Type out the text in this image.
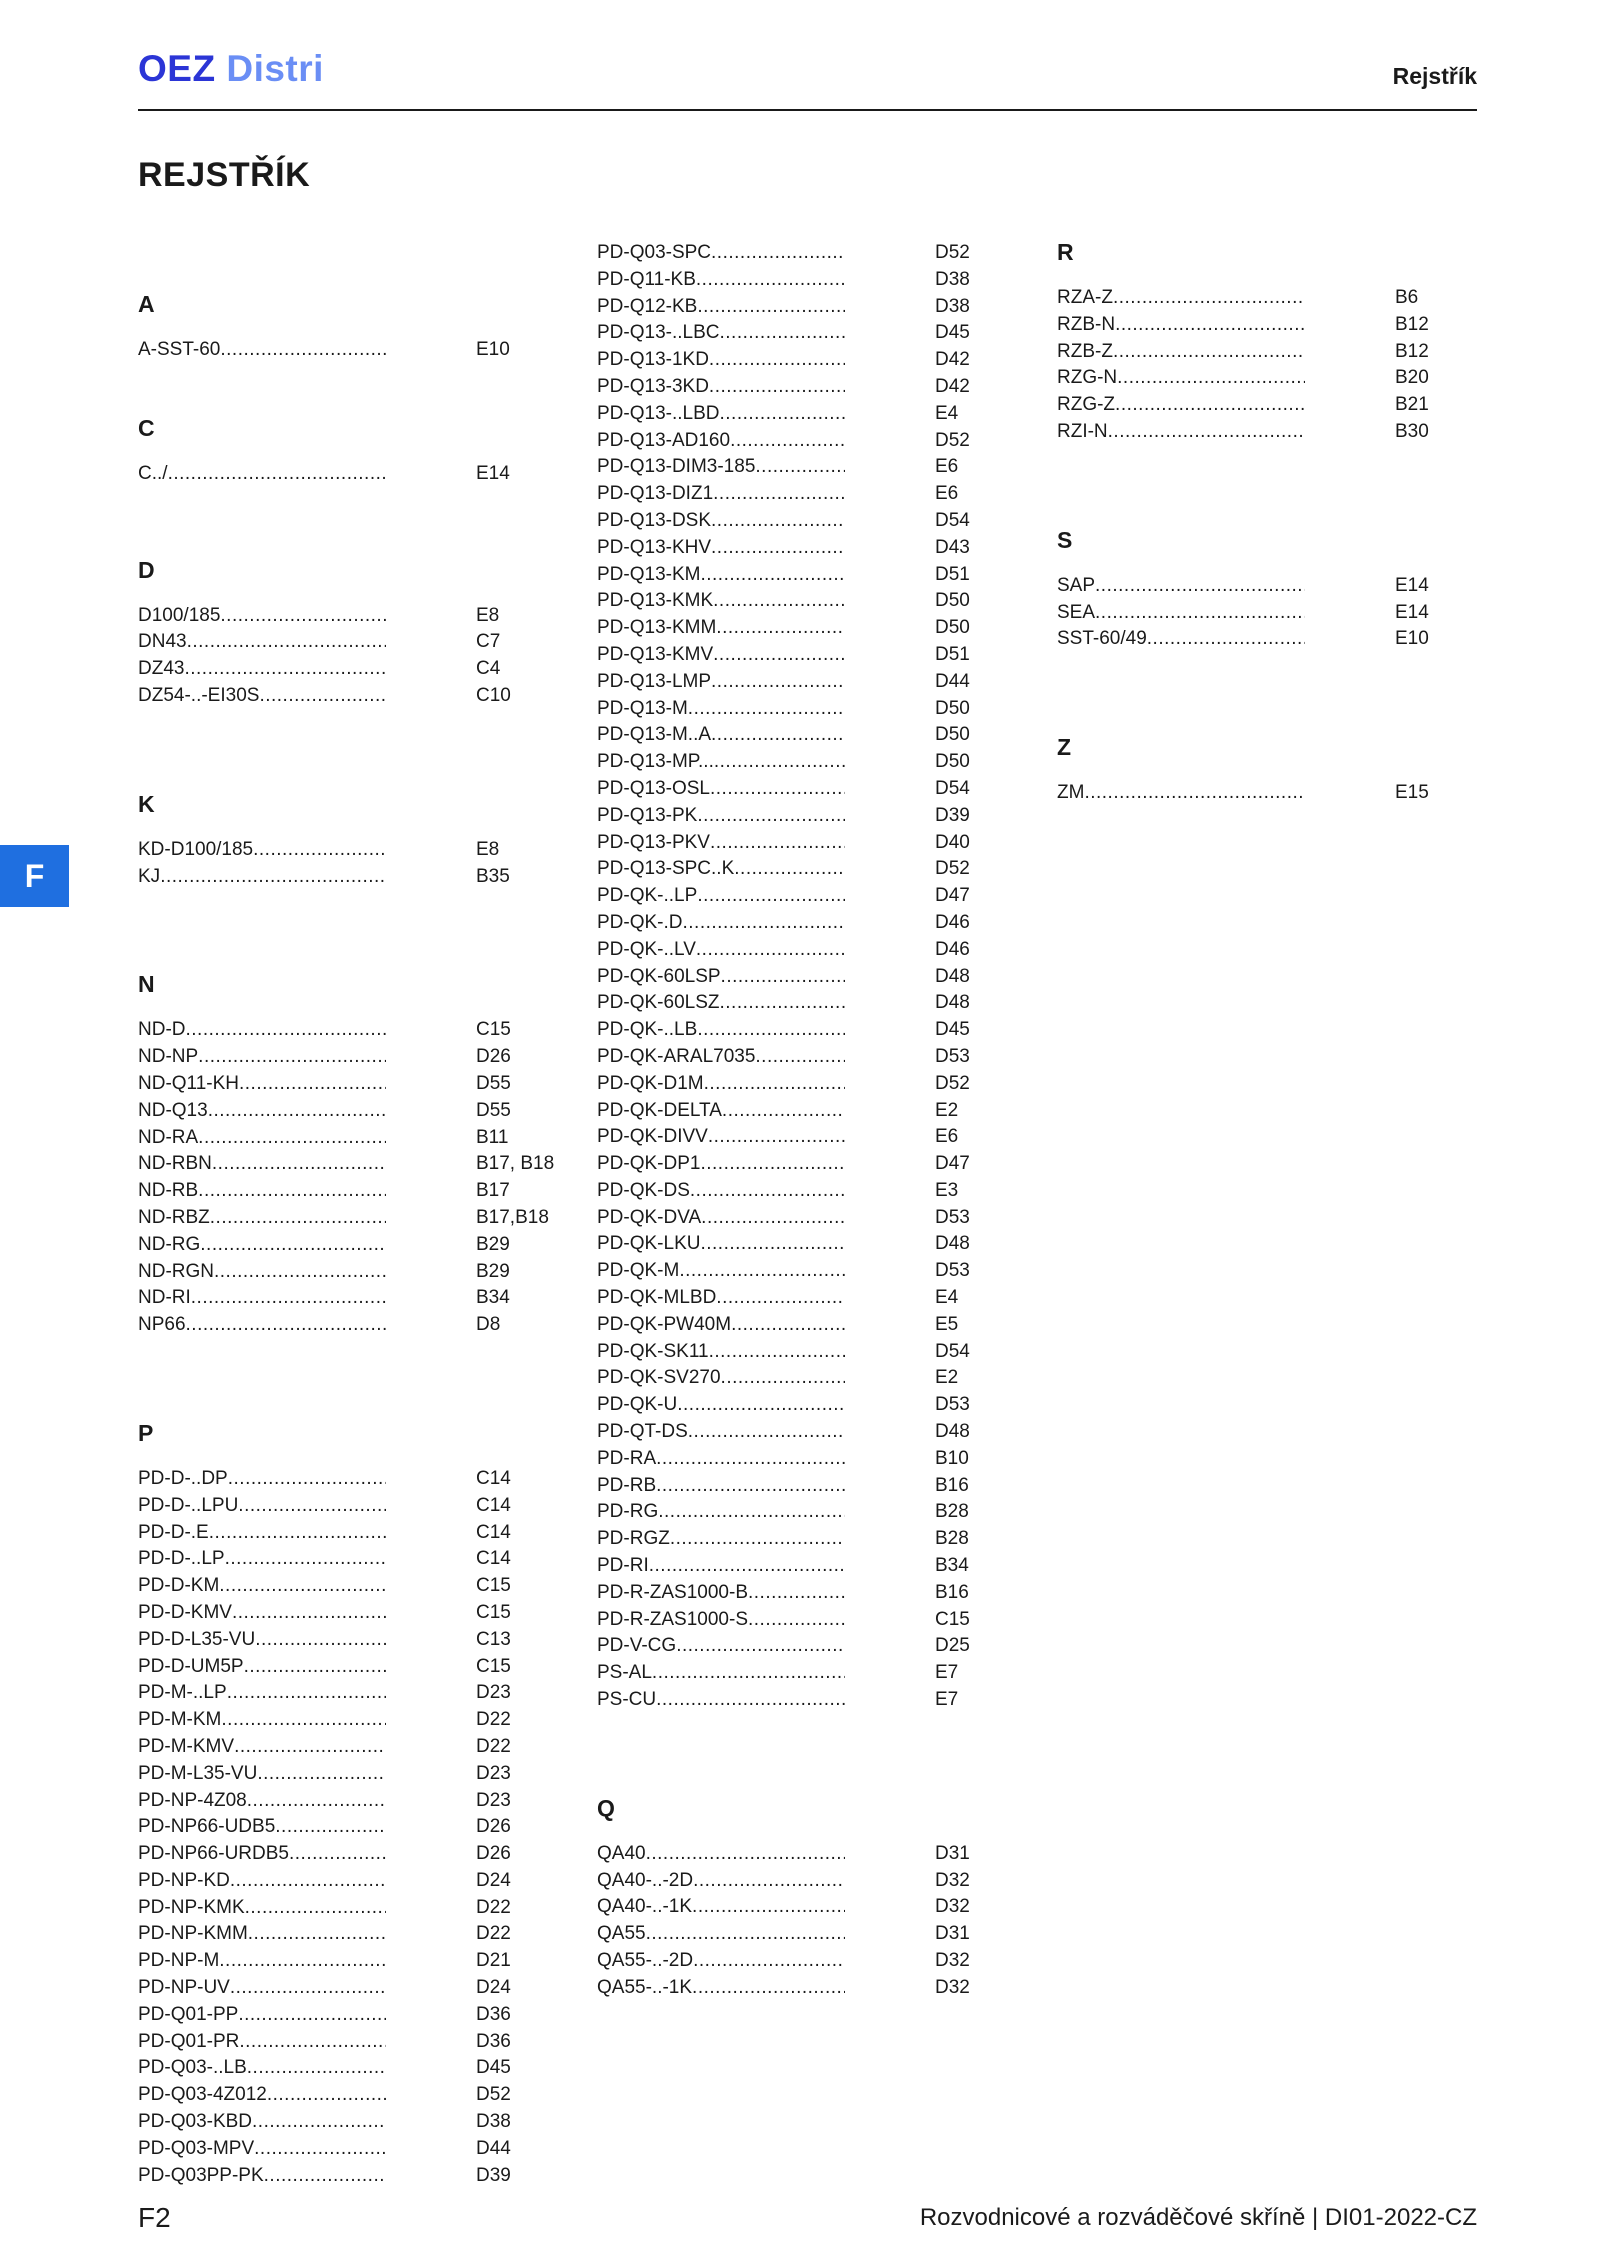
OEZ Distri	Rejstřík
REJSTŘÍK
F
A
A-SST-60 .....	E10
C
C../ .....	E14
D
D100/185 .....	E8
DN43 .....	C7
DZ43 .....	C4
DZ54-..-EI30S .....	C10
K
KD-D100/185 .....	E8
KJ .....	B35
N
ND-D .....	C15
ND-NP .....	D26
ND-Q11-KH .....	D55
ND-Q13 .....	D55
ND-RA .....	B11
ND-RBN .....	B17, B18
ND-RB .....	B17
ND-RBZ .....	B17,B18
ND-RG .....	B29
ND-RGN .....	B29
ND-RI .....	B34
NP66 .....	D8
P
PD-D-..DP .....	C14
PD-D-..LPU .....	C14
PD-D-.E .....	C14
PD-D-..LP .....	C14
PD-D-KM .....	C15
PD-D-KMV .....	C15
PD-D-L35-VU .....	C13
PD-D-UM5P .....	C15
PD-M-..LP .....	D23
PD-M-KM .....	D22
PD-M-KMV .....	D22
PD-M-L35-VU .....	D23
PD-NP-4Z08 .....	D23
PD-NP66-UDB5 .....	D26
PD-NP66-URDB5 .....	D26
PD-NP-KD .....	D24
PD-NP-KMK .....	D22
PD-NP-KMM .....	D22
PD-NP-M .....	D21
PD-NP-UV .....	D24
PD-Q01-PP .....	D36
PD-Q01-PR .....	D36
PD-Q03-..LB .....	D45
PD-Q03-4Z012 .....	D52
PD-Q03-KBD .....	D38
PD-Q03-MPV .....	D44
PD-Q03PP-PK .....	D39
PD-Q03-SPC .....	D52
PD-Q11-KB .....	D38
PD-Q12-KB .....	D38
PD-Q13-..LBC .....	D45
PD-Q13-1KD .....	D42
PD-Q13-3KD .....	D42
PD-Q13-..LBD .....	E4
PD-Q13-AD160 .....	D52
PD-Q13-DIM3-185 .....	E6
PD-Q13-DIZ1 .....	E6
PD-Q13-DSK .....	D54
PD-Q13-KHV .....	D43
PD-Q13-KM .....	D51
PD-Q13-KMK .....	D50
PD-Q13-KMM .....	D50
PD-Q13-KMV .....	D51
PD-Q13-LMP .....	D44
PD-Q13-M .....	D50
PD-Q13-M..A .....	D50
PD-Q13-MP... .....	D50
PD-Q13-OSL .....	D54
PD-Q13-PK .....	D39
PD-Q13-PKV .....	D40
PD-Q13-SPC..K .....	D52
PD-QK-..LP .....	D47
PD-QK-.D .....	D46
PD-QK-..LV .....	D46
PD-QK-60LSP .....	D48
PD-QK-60LSZ .....	D48
PD-QK-..LB .....	D45
PD-QK-ARAL7035 .....	D53
PD-QK-D1M .....	D52
PD-QK-DELTA .....	E2
PD-QK-DIVV .....	E6
PD-QK-DP1 .....	D47
PD-QK-DS .....	E3
PD-QK-DVA .....	D53
PD-QK-LKU .....	D48
PD-QK-M .....	D53
PD-QK-MLBD .....	E4
PD-QK-PW40M .....	E5
PD-QK-SK11 .....	D54
PD-QK-SV270 .....	E2
PD-QK-U .....	D53
PD-QT-DS .....	D48
PD-RA .....	B10
PD-RB .....	B16
PD-RG .....	B28
PD-RGZ .....	B28
PD-RI .....	B34
PD-R-ZAS1000-B .....	B16
PD-R-ZAS1000-S .....	C15
PD-V-CG .....	D25
PS-AL .....	E7
PS-CU .....	E7
Q
QA40 .....	D31
QA40-..-2D .....	D32
QA40-..-1K .....	D32
QA55 .....	D31
QA55-..-2D .....	D32
QA55-..-1K .....	D32
R
RZA-Z .....	B6
RZB-N .....	B12
RZB-Z .....	B12
RZG-N .....	B20
RZG-Z .....	B21
RZI-N .....	B30
S
SAP .....	E14
SEA .....	E14
SST-60/49 .....	E10
Z
ZM .....	E15
F2	Rozvodnicové a rozváděčové skříně | DI01-2022-CZ
